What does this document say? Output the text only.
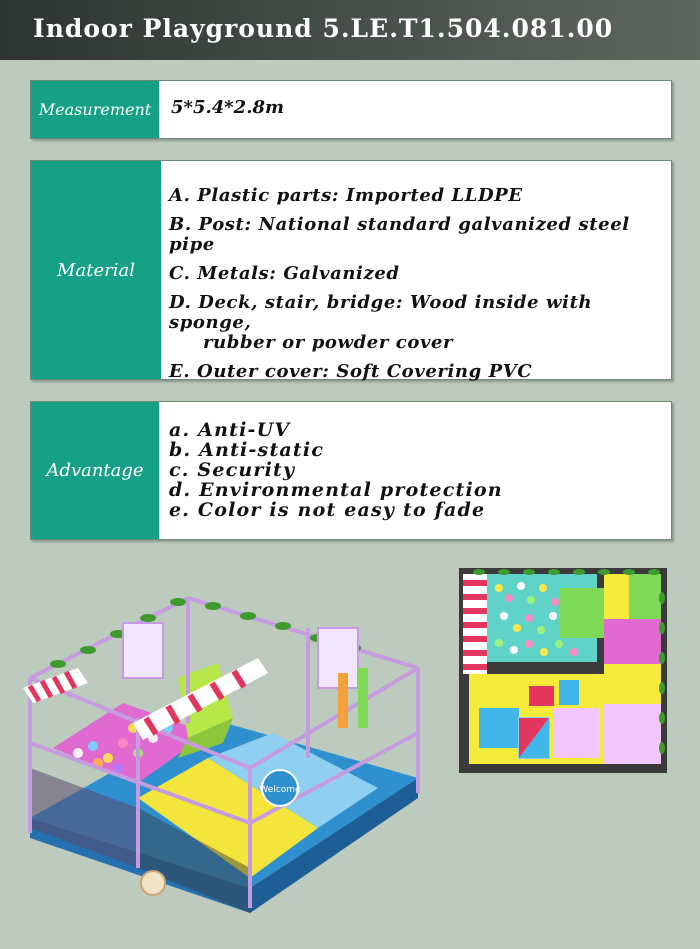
Indoor Playground 5.LE.T1.504.081.00
Measurement	5*5.4*2.8m
Material
A. Plastic parts: Imported LLDPE
B. Post: National standard galvanized steel pipe
C. Metals: Galvanized
D. Deck, stair, bridge: Wood inside with sponge,
rubber or powder cover
E. Outer cover: Soft Covering PVC
Advantage
a. Anti-UV
b. Anti-static
c. Security
d. Environmental protection
e. Color is not easy to fade
Welcome
